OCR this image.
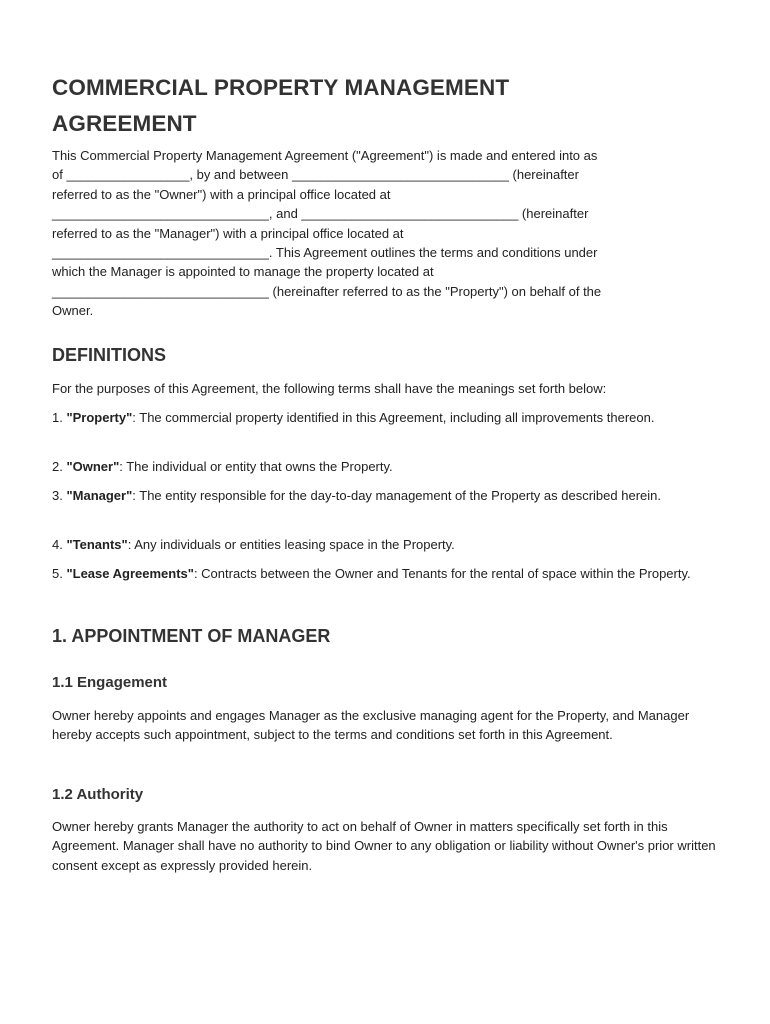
COMMERCIAL PROPERTY MANAGEMENT
AGREEMENT
This Commercial Property Management Agreement ("Agreement") is made and entered into as
of _________________, by and between ______________________________ (hereinafter
referred to as the "Owner") with a principal office located at
______________________________, and ______________________________ (hereinafter
referred to as the "Manager") with a principal office located at
______________________________. This Agreement outlines the terms and conditions under
which the Manager is appointed to manage the property located at
______________________________ (hereinafter referred to as the "Property") on behalf of the
Owner.
DEFINITIONS

For the purposes of this Agreement, the following terms shall have the meanings set forth below:

1. "Property": The commercial property identified in this Agreement, including all improvements thereon.

2. "Owner": The individual or entity that owns the Property.

3. "Manager": The entity responsible for the day-to-day management of the Property as described herein.

4. "Tenants": Any individuals or entities leasing space in the Property.

5. "Lease Agreements": Contracts between the Owner and Tenants for the rental of space within the Property.

1. APPOINTMENT OF MANAGER
1.1 Engagement

Owner hereby appoints and engages Manager as the exclusive managing agent for the Property, and Manager hereby accepts such appointment, subject to the terms and conditions set forth in this Agreement.

1.2 Authority

Owner hereby grants Manager the authority to act on behalf of Owner in matters specifically set forth in this Agreement. Manager shall have no authority to bind Owner to any obligation or liability without Owner's prior written consent except as expressly provided herein.
